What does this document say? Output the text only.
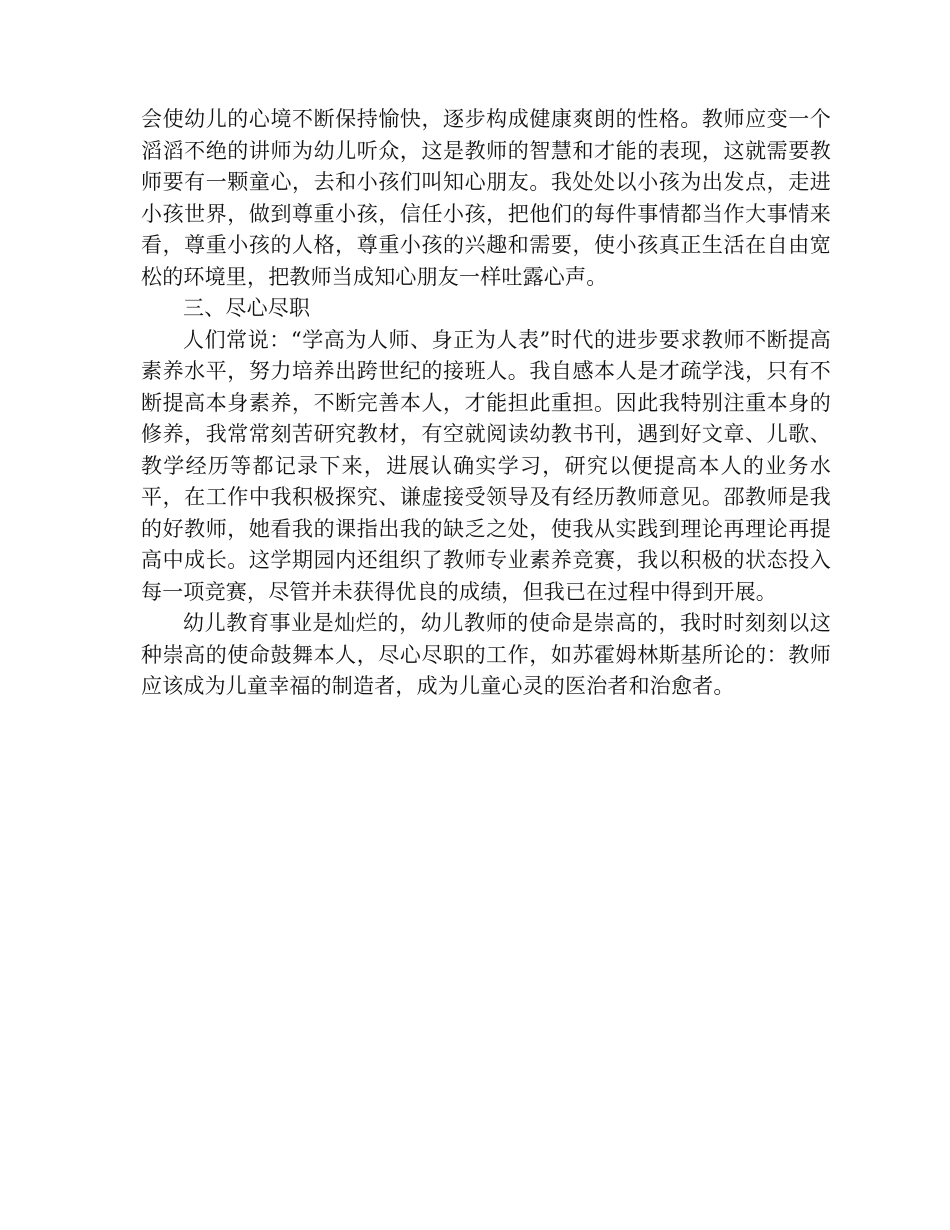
会使幼儿的心境不断保持愉快，逐步构成健康爽朗的性格。教师应变一个滔滔不绝的讲师为幼儿听众，这是教师的智慧和才能的表现，这就需要教师要有一颗童心，去和小孩们叫知心朋友。我处处以小孩为出发点，走进小孩世界，做到尊重小孩，信任小孩，把他们的每件事情都当作大事情来看，尊重小孩的人格，尊重小孩的兴趣和需要，使小孩真正生活在自由宽松的环境里，把教师当成知心朋友一样吐露心声。

三、尽心尽职

人们常说：“学高为人师、身正为人表”时代的进步要求教师不断提高素养水平，努力培养出跨世纪的接班人。我自感本人是才疏学浅，只有不断提高本身素养，不断完善本人，才能担此重担。因此我特别注重本身的修养，我常常刻苦研究教材，有空就阅读幼教书刊，遇到好文章、儿歌、教学经历等都记录下来，进展认确实学习，研究以便提高本人的业务水平，在工作中我积极探究、谦虚接受领导及有经历教师意见。邵教师是我的好教师，她看我的课指出我的缺乏之处，使我从实践到理论再理论再提高中成长。这学期园内还组织了教师专业素养竞赛，我以积极的状态投入每一项竞赛，尽管并未获得优良的成绩，但我已在过程中得到开展。

幼儿教育事业是灿烂的，幼儿教师的使命是崇高的，我时时刻刻以这种崇高的使命鼓舞本人，尽心尽职的工作，如苏霍姆林斯基所论的：教师应该成为儿童幸福的制造者，成为儿童心灵的医治者和治愈者。
